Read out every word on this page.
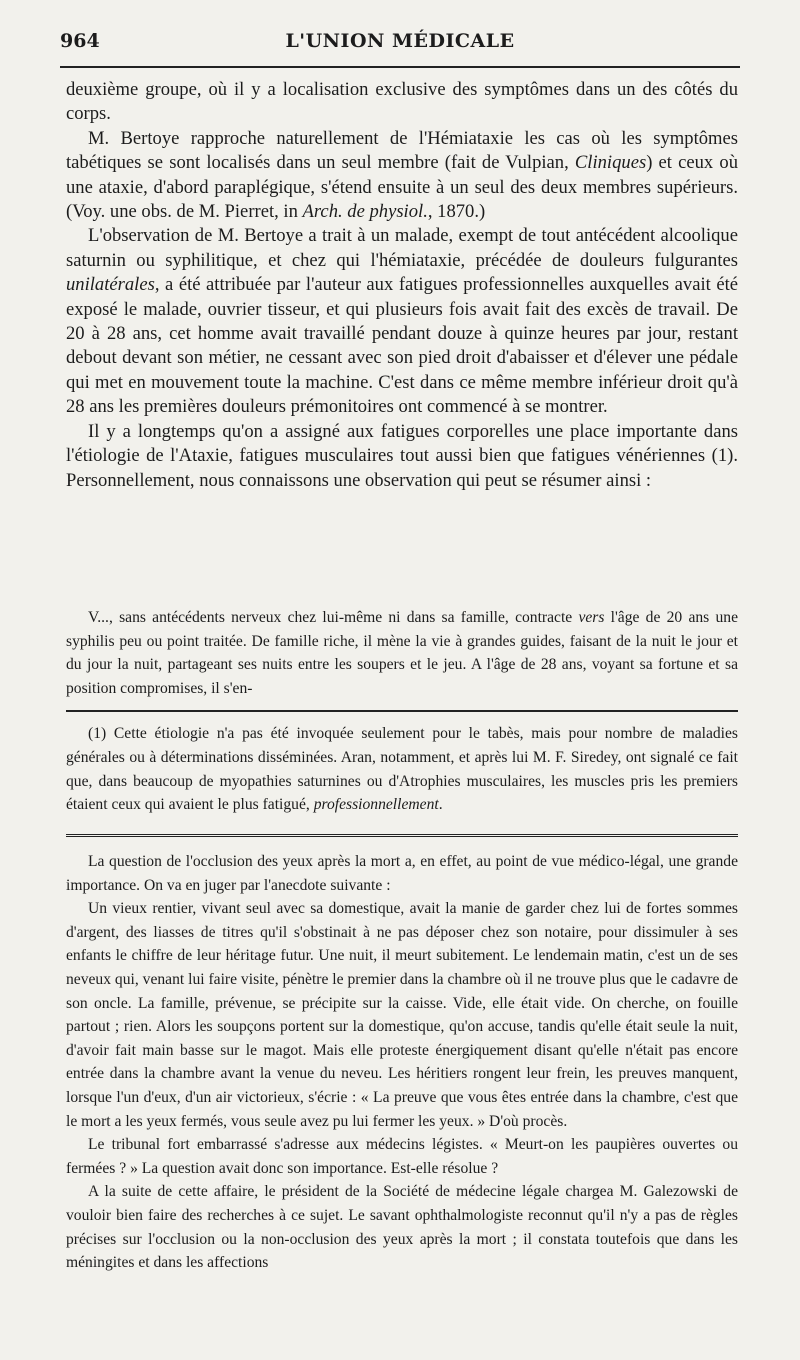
964	L'UNION MÉDICALE

deuxième groupe, où il y a localisation exclusive des symptômes dans un des côtés du corps.

M. Bertoye rapproche naturellement de l'Hémiataxie les cas où les symptômes tabétiques se sont localisés dans un seul membre (fait de Vulpian, Cliniques) et ceux où une ataxie, d'abord paraplégique, s'étend ensuite à un seul des deux membres supérieurs. (Voy. une obs. de M. Pierret, in Arch. de physiol., 1870.)

L'observation de M. Bertoye a trait à un malade, exempt de tout antécédent alcoolique saturnin ou syphilitique, et chez qui l'hémiataxie, précédée de douleurs fulgurantes unilatérales, a été attribuée par l'auteur aux fatigues professionnelles auxquelles avait été exposé le malade, ouvrier tisseur, et qui plusieurs fois avait fait des excès de travail. De 20 à 28 ans, cet homme avait travaillé pendant douze à quinze heures par jour, restant debout devant son métier, ne cessant avec son pied droit d'abaisser et d'élever une pédale qui met en mouvement toute la machine. C'est dans ce même membre inférieur droit qu'à 28 ans les premières douleurs prémonitoires ont commencé à se montrer.

Il y a longtemps qu'on a assigné aux fatigues corporelles une place importante dans l'étiologie de l'Ataxie, fatigues musculaires tout aussi bien que fatigues vénériennes (1). Personnellement, nous connaissons une observation qui peut se résumer ainsi :

V..., sans antécédents nerveux chez lui-même ni dans sa famille, contracte vers l'âge de 20 ans une syphilis peu ou point traitée. De famille riche, il mène la vie à grandes guides, faisant de la nuit le jour et du jour la nuit, partageant ses nuits entre les soupers et le jeu. A l'âge de 28 ans, voyant sa fortune et sa position compromises, il s'en-

(1) Cette étiologie n'a pas été invoquée seulement pour le tabès, mais pour nombre de maladies générales ou à déterminations disséminées. Aran, notamment, et après lui M. F. Siredey, ont signalé ce fait que, dans beaucoup de myopathies saturnines ou d'Atrophies musculaires, les muscles pris les premiers étaient ceux qui avaient le plus fatigué, professionnellement.

La question de l'occlusion des yeux après la mort a, en effet, au point de vue médico-légal, une grande importance. On va en juger par l'anecdote suivante :

Un vieux rentier, vivant seul avec sa domestique, avait la manie de garder chez lui de fortes sommes d'argent, des liasses de titres qu'il s'obstinait à ne pas déposer chez son notaire, pour dissimuler à ses enfants le chiffre de leur héritage futur. Une nuit, il meurt subitement. Le lendemain matin, c'est un de ses neveux qui, venant lui faire visite, pénètre le premier dans la chambre où il ne trouve plus que le cadavre de son oncle. La famille, prévenue, se précipite sur la caisse. Vide, elle était vide. On cherche, on fouille partout ; rien. Alors les soupçons portent sur la domestique, qu'on accuse, tandis qu'elle était seule la nuit, d'avoir fait main basse sur le magot. Mais elle proteste énergiquement disant qu'elle n'était pas encore entrée dans la chambre avant la venue du neveu. Les héritiers rongent leur frein, les preuves manquent, lorsque l'un d'eux, d'un air victorieux, s'écrie : « La preuve que vous êtes entrée dans la chambre, c'est que le mort a les yeux fermés, vous seule avez pu lui fermer les yeux. » D'où procès.

Le tribunal fort embarrassé s'adresse aux médecins légistes. « Meurt-on les paupières ouvertes ou fermées ? » La question avait donc son importance. Est-elle résolue ?

A la suite de cette affaire, le président de la Société de médecine légale chargea M. Galezowski de vouloir bien faire des recherches à ce sujet. Le savant ophthalmologiste reconnut qu'il n'y a pas de règles précises sur l'occlusion ou la non-occlusion des yeux après la mort ; il constata toutefois que dans les méningites et dans les affections
